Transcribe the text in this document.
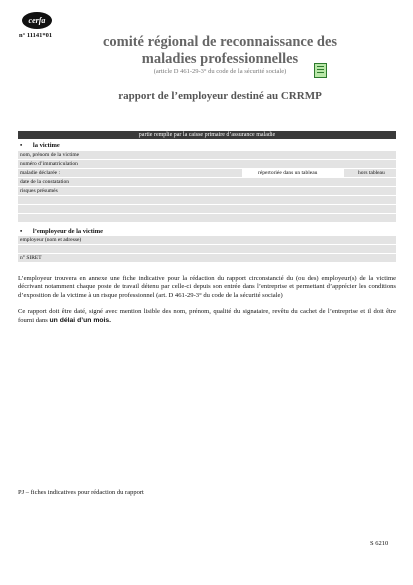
cerfa
n° 11141*01	comité régional de reconnaissance des
maladies professionnelles
(article D 461-29-3° du code de la sécurité sociale)
rapport de l’employeur destiné au CRRMP
partie remplie par la caisse primaire d’assurance maladie
• la victime
nom, prénom de la victime
numéro d’immatriculation
maladie déclarée :	répertoriée dans un tableau	hors tableau
date de la constatation
risques présumés
• l’employeur de la victime
employeur (nom et adresse)
n° SIRET

L’employeur trouvera en annexe une fiche indicative pour la rédaction du rapport circonstancié du (ou des) employeur(s) de la victime décrivant notamment chaque poste de travail détenu par celle-ci depuis son entrée dans l’entreprise et permettant d’apprécier les conditions d’exposition de la victime à un risque professionnel (art. D 461-29-3° du code de la sécurité sociale)

Ce rapport doit être daté, signé avec mention lisible des nom, prénom, qualité du signataire, revêtu du cachet de l’entreprise et il doit être fourni dans un délai d’un mois.

PJ – fiches indicatives pour rédaction du rapport
S 6210
